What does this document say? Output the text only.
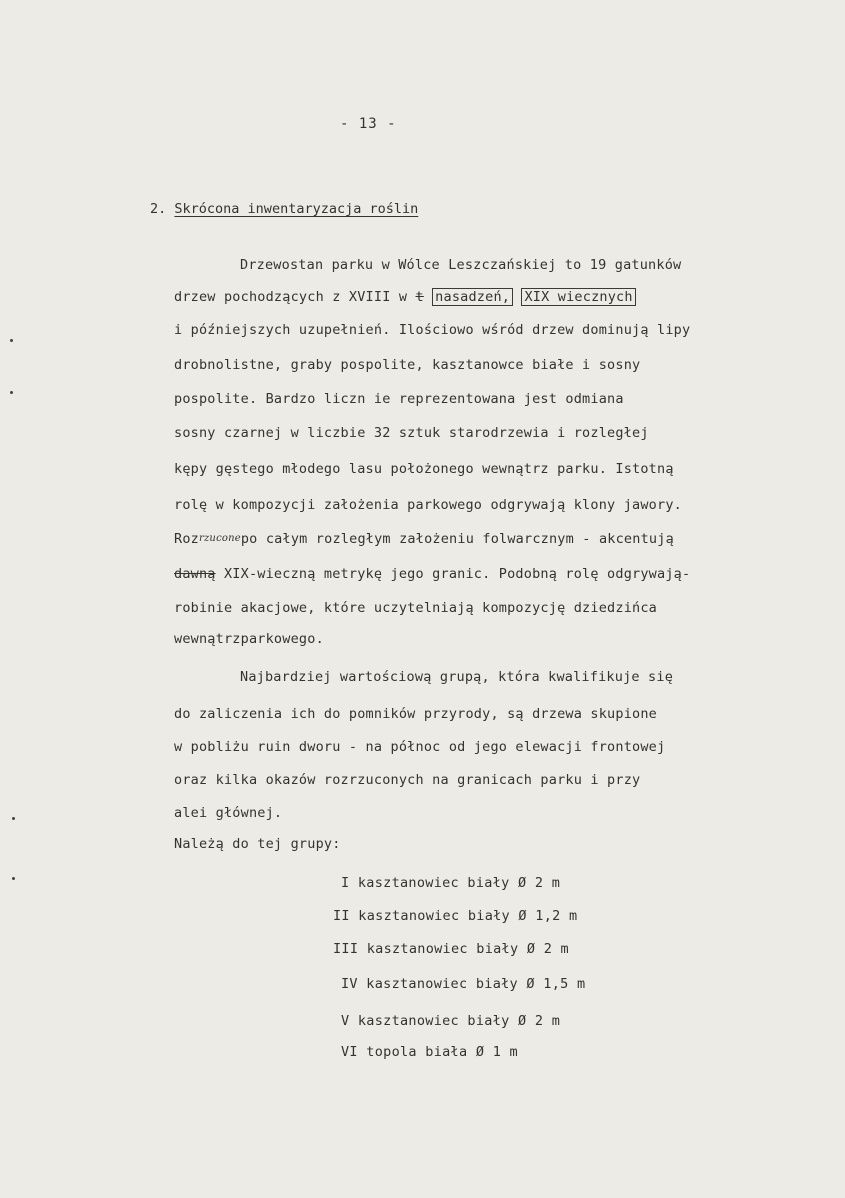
- 13 -
2. Skrócona inwentaryzacja roślin
Drzewostan parku w Wólce Leszczańskiej to 19 gatunków
drzew pochodzących z XVIII w t nasadzeń, XIX wiecznych
i późniejszych uzupełnień. Ilościowo wśród drzew dominują lipy
drobnolistne, graby pospolite, kasztanowce białe i sosny
pospolite. Bardzo liczn ie reprezentowana jest odmiana
sosny czarnej w liczbie 32 sztuk starodrzewia i rozległej
kępy gęstego młodego lasu położonego wewnątrz parku. Istotną
rolę w kompozycji założenia parkowego odgrywają klony jawory.
Rozrzuconepo całym rozległym założeniu folwarcznym - akcentują
dawną XIX-wieczną metrykę jego granic. Podobną rolę odgrywają-
robinie akacjowe, które uczytelniają kompozycję dziedzińca
wewnątrzparkowego.
Najbardziej wartościową grupą, która kwalifikuje się
do zaliczenia ich do pomników przyrody, są drzewa skupione
w pobliżu ruin dworu - na północ od jego elewacji frontowej
oraz kilka okazów rozrzuconych na granicach parku i przy
alei głównej.
Należą do tej grupy:
I kasztanowiec biały Ø 2 m
II kasztanowiec biały Ø 1,2 m
III kasztanowiec biały Ø 2 m
IV kasztanowiec biały Ø 1,5 m
V kasztanowiec biały Ø 2 m
VI topola biała Ø 1 m
